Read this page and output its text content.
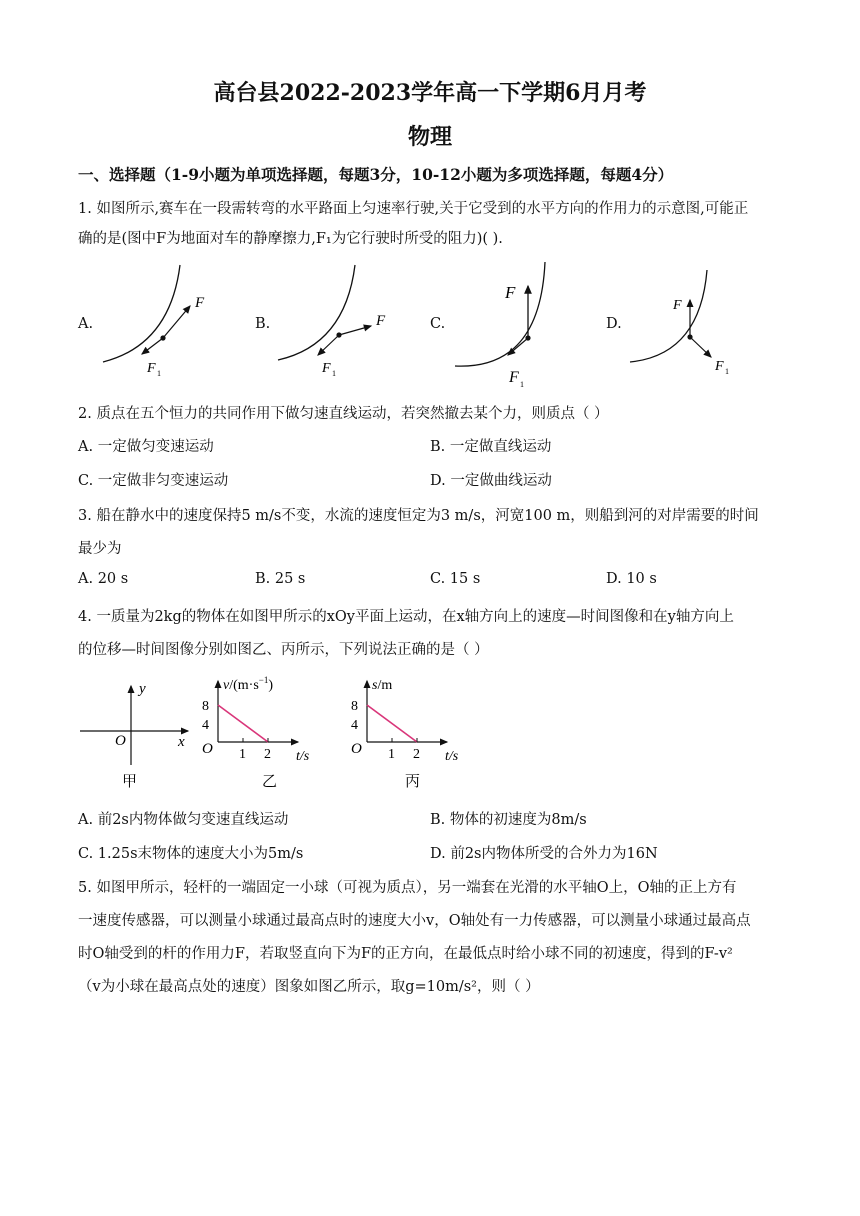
高台县2022-2023学年高一下学期6月月考
物理
一、选择题（1-9小题为单项选择题，每题3分，10-12小题为多项选择题，每题4分）
1. 如图所示,赛车在一段需转弯的水平路面上匀速率行驶,关于它受到的水平方向的作用力的示意图,可能正
确的是(图中F为地面对车的静摩擦力,F₁为它行驶时所受的阻力)( ).
A.	B.	C.	D.
F
F 1
F
F 1
F
F 1
F
F 1
2. 质点在五个恒力的共同作用下做匀速直线运动，若突然撤去某个力，则质点（ ）
A. 一定做匀变速运动	B. 一定做直线运动
C. 一定做非匀变速运动	D. 一定做曲线运动
3. 船在静水中的速度保持5 m/s不变，水流的速度恒定为3 m/s，河宽100 m，则船到河的对岸需要的时间
最少为
A. 20 s	B. 25 s	C. 15 s	D. 10 s
4. 一质量为2kg的物体在如图甲所示的xOy平面上运动，在x轴方向上的速度—时间图像和在y轴方向上
的位移—时间图像分别如图乙、丙所示，下列说法正确的是（ ）
y
x
O
甲
$v/(m\cdot s^{-1})$
8
4
O 1 2 t/s
乙
s/m
8
4
O 1 2 t/s
丙
A. 前2s内物体做匀变速直线运动	B. 物体的初速度为8m/s
C. 1.25s末物体的速度大小为5m/s	D. 前2s内物体所受的合外力为16N
5. 如图甲所示，轻杆的一端固定一小球（可视为质点），另一端套在光滑的水平轴O上，O轴的正上方有
一速度传感器，可以测量小球通过最高点时的速度大小v，O轴处有一力传感器，可以测量小球通过最高点
时O轴受到的杆的作用力F，若取竖直向下为F的正方向，在最低点时给小球不同的初速度，得到的F-v²
（v为小球在最高点处的速度）图象如图乙所示，取g=10m/s²，则（ ）
